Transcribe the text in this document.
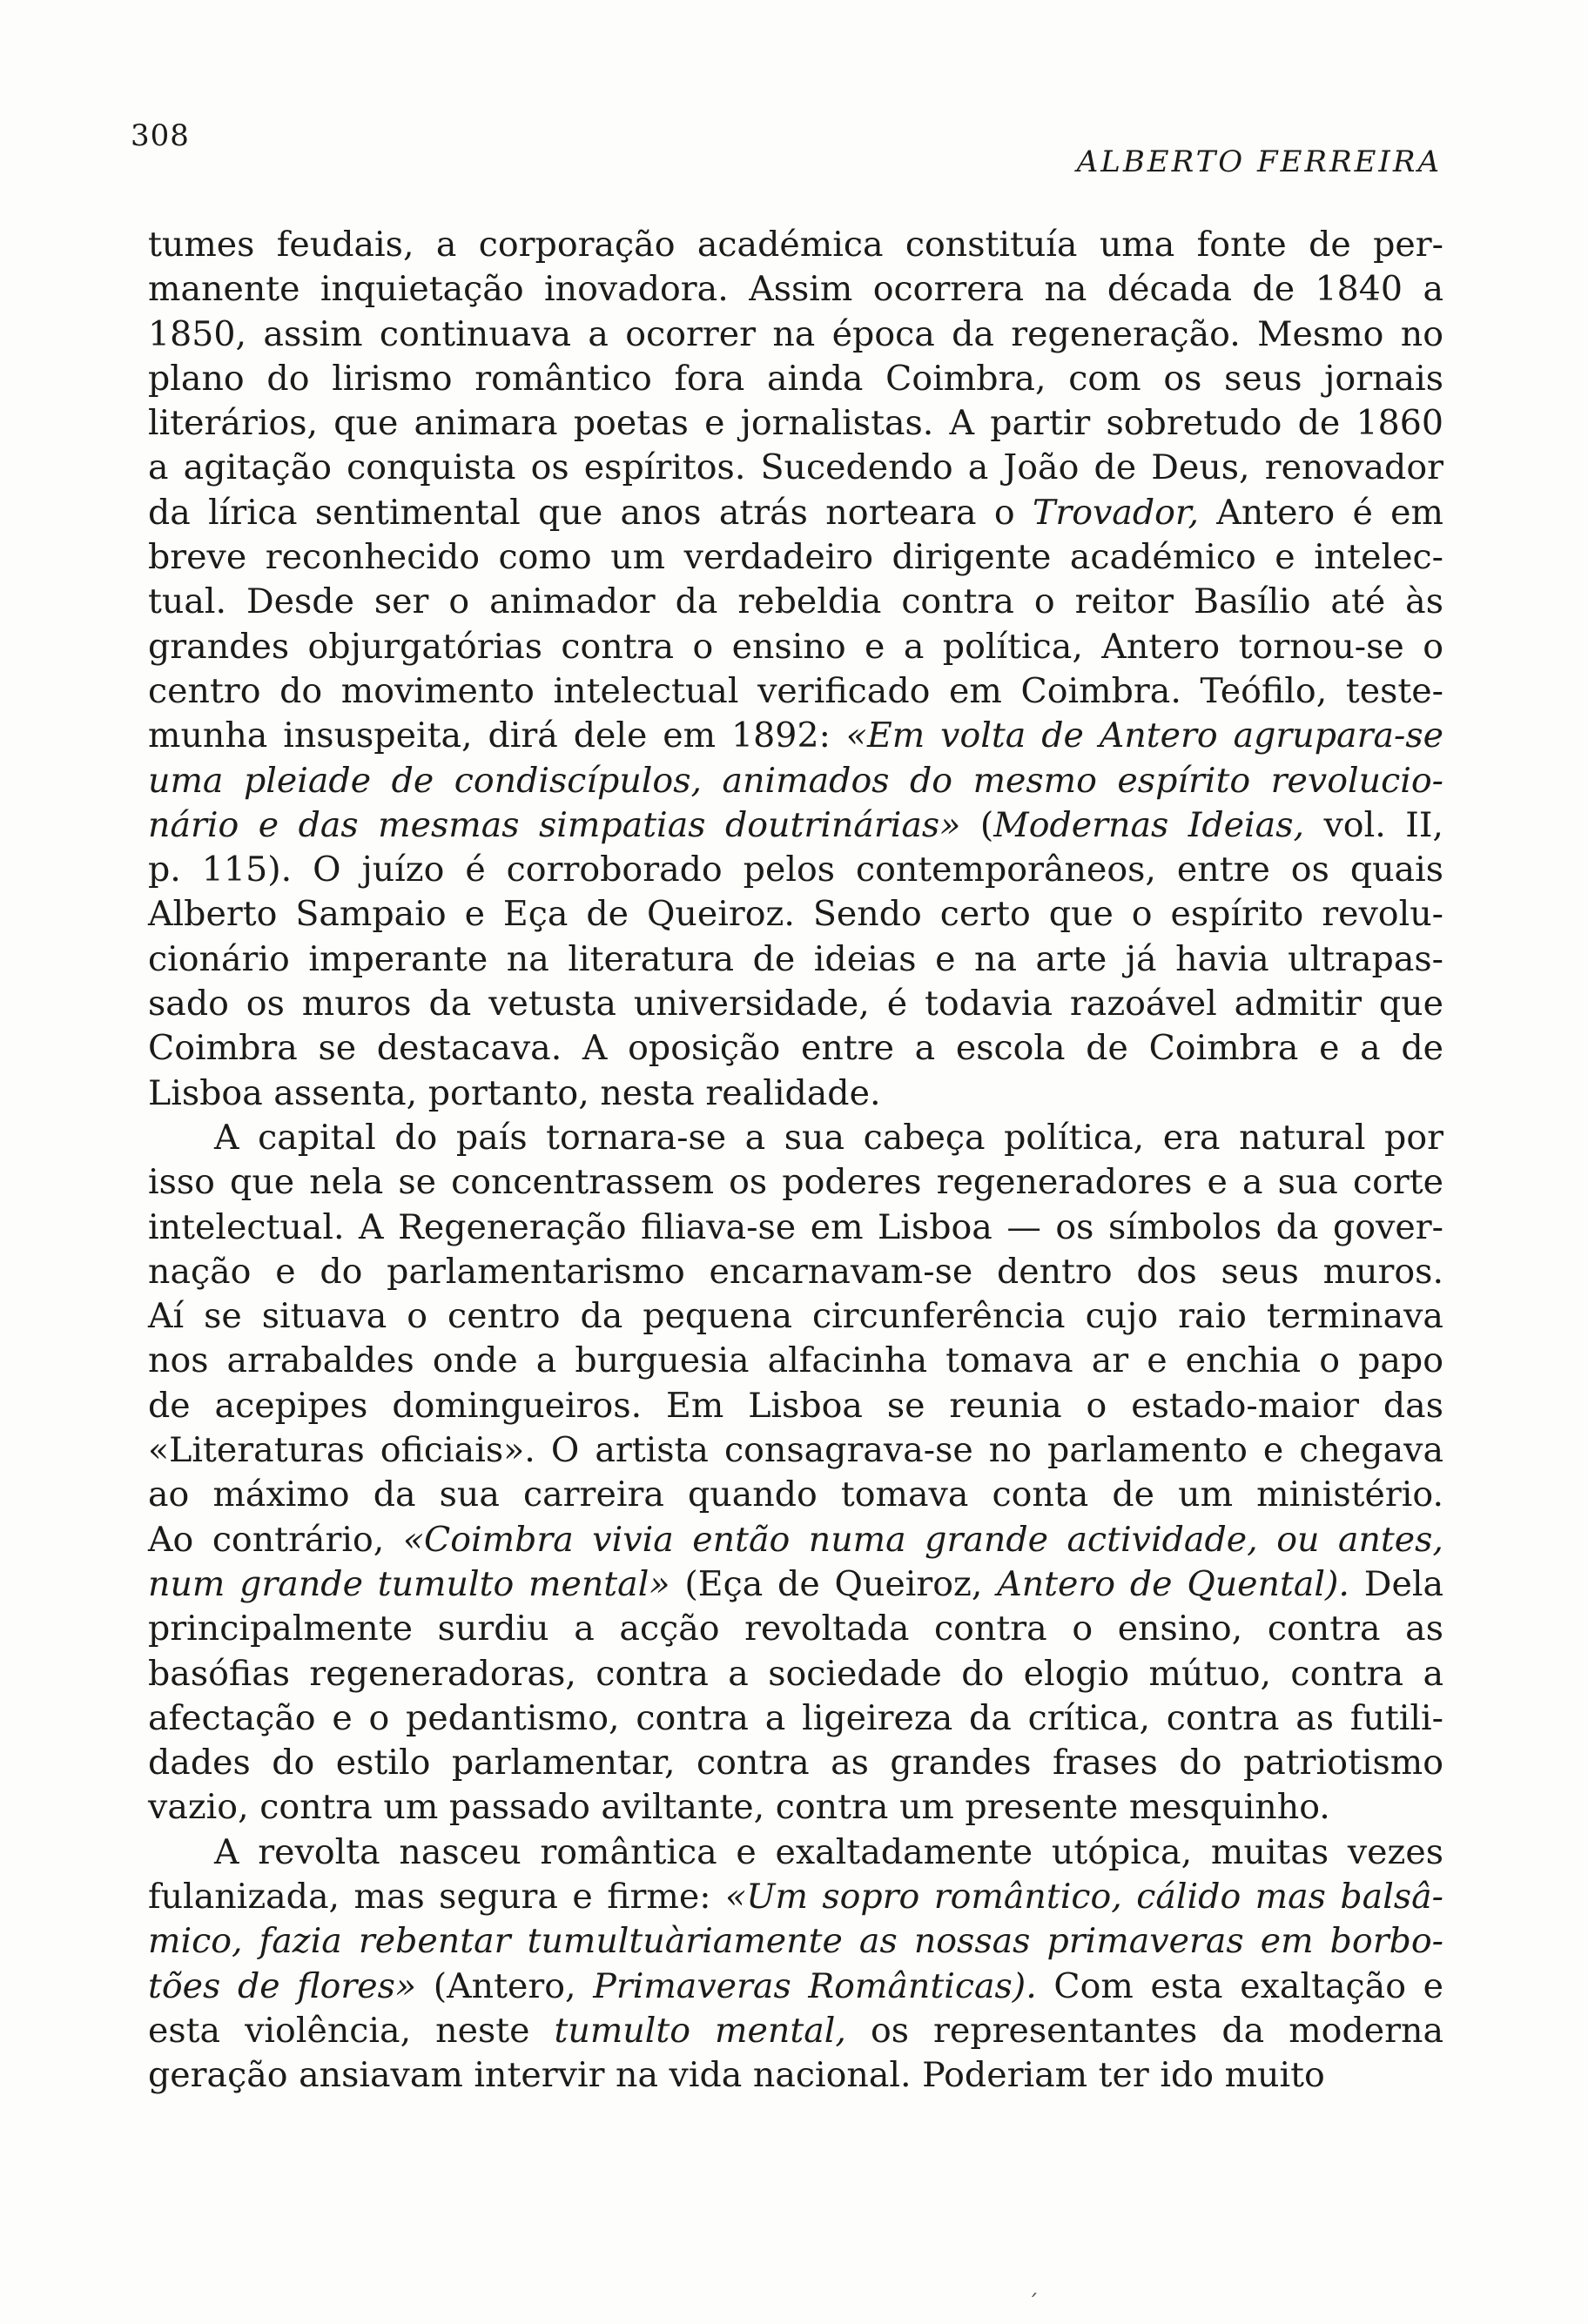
308
ALBERTO FERREIRA
tumes feudais, a corporação académica constituía uma fonte de per-
manente inquietação inovadora. Assim ocorrera na década de 1840 a
1850, assim continuava a ocorrer na época da regeneração. Mesmo no
plano do lirismo romântico fora ainda Coimbra, com os seus jornais
literários, que animara poetas e jornalistas. A partir sobretudo de 1860
a agitação conquista os espíritos. Sucedendo a João de Deus, renovador
da lírica sentimental que anos atrás norteara o Trovador, Antero é em
breve reconhecido como um verdadeiro dirigente académico e intelec-
tual. Desde ser o animador da rebeldia contra o reitor Basílio até às
grandes objurgatórias contra o ensino e a política, Antero tornou-se o
centro do movimento intelectual verificado em Coimbra. Teófilo, teste-
munha insuspeita, dirá dele em 1892: «Em volta de Antero agrupara-se
uma pleiade de condiscípulos, animados do mesmo espírito revolucio-
nário e das mesmas simpatias doutrinárias» (Modernas Ideias, vol. II,
p. 115). O juízo é corroborado pelos contemporâneos, entre os quais
Alberto Sampaio e Eça de Queiroz. Sendo certo que o espírito revolu-
cionário imperante na literatura de ideias e na arte já havia ultrapas-
sado os muros da vetusta universidade, é todavia razoável admitir que
Coimbra se destacava. A oposição entre a escola de Coimbra e a de
Lisboa assenta, portanto, nesta realidade.
A capital do país tornara-se a sua cabeça política, era natural por
isso que nela se concentrassem os poderes regeneradores e a sua corte
intelectual. A Regeneração filiava-se em Lisboa — os símbolos da gover-
nação e do parlamentarismo encarnavam-se dentro dos seus muros.
Aí se situava o centro da pequena circunferência cujo raio terminava
nos arrabaldes onde a burguesia alfacinha tomava ar e enchia o papo
de acepipes domingueiros. Em Lisboa se reunia o estado-maior das
«Literaturas oficiais». O artista consagrava-se no parlamento e chegava
ao máximo da sua carreira quando tomava conta de um ministério.
Ao contrário, «Coimbra vivia então numa grande actividade, ou antes,
num grande tumulto mental» (Eça de Queiroz, Antero de Quental). Dela
principalmente surdiu a acção revoltada contra o ensino, contra as
basófias regeneradoras, contra a sociedade do elogio mútuo, contra a
afectação e o pedantismo, contra a ligeireza da crítica, contra as futili-
dades do estilo parlamentar, contra as grandes frases do patriotismo
vazio, contra um passado aviltante, contra um presente mesquinho.
A revolta nasceu romântica e exaltadamente utópica, muitas vezes
fulanizada, mas segura e firme: «Um sopro romântico, cálido mas balsâ-
mico, fazia rebentar tumultuàriamente as nossas primaveras em borbo-
tões de flores» (Antero, Primaveras Românticas). Com esta exaltação e
esta violência, neste tumulto mental, os representantes da moderna
geração ansiavam intervir na vida nacional. Poderiam ter ido muito
ˊ
